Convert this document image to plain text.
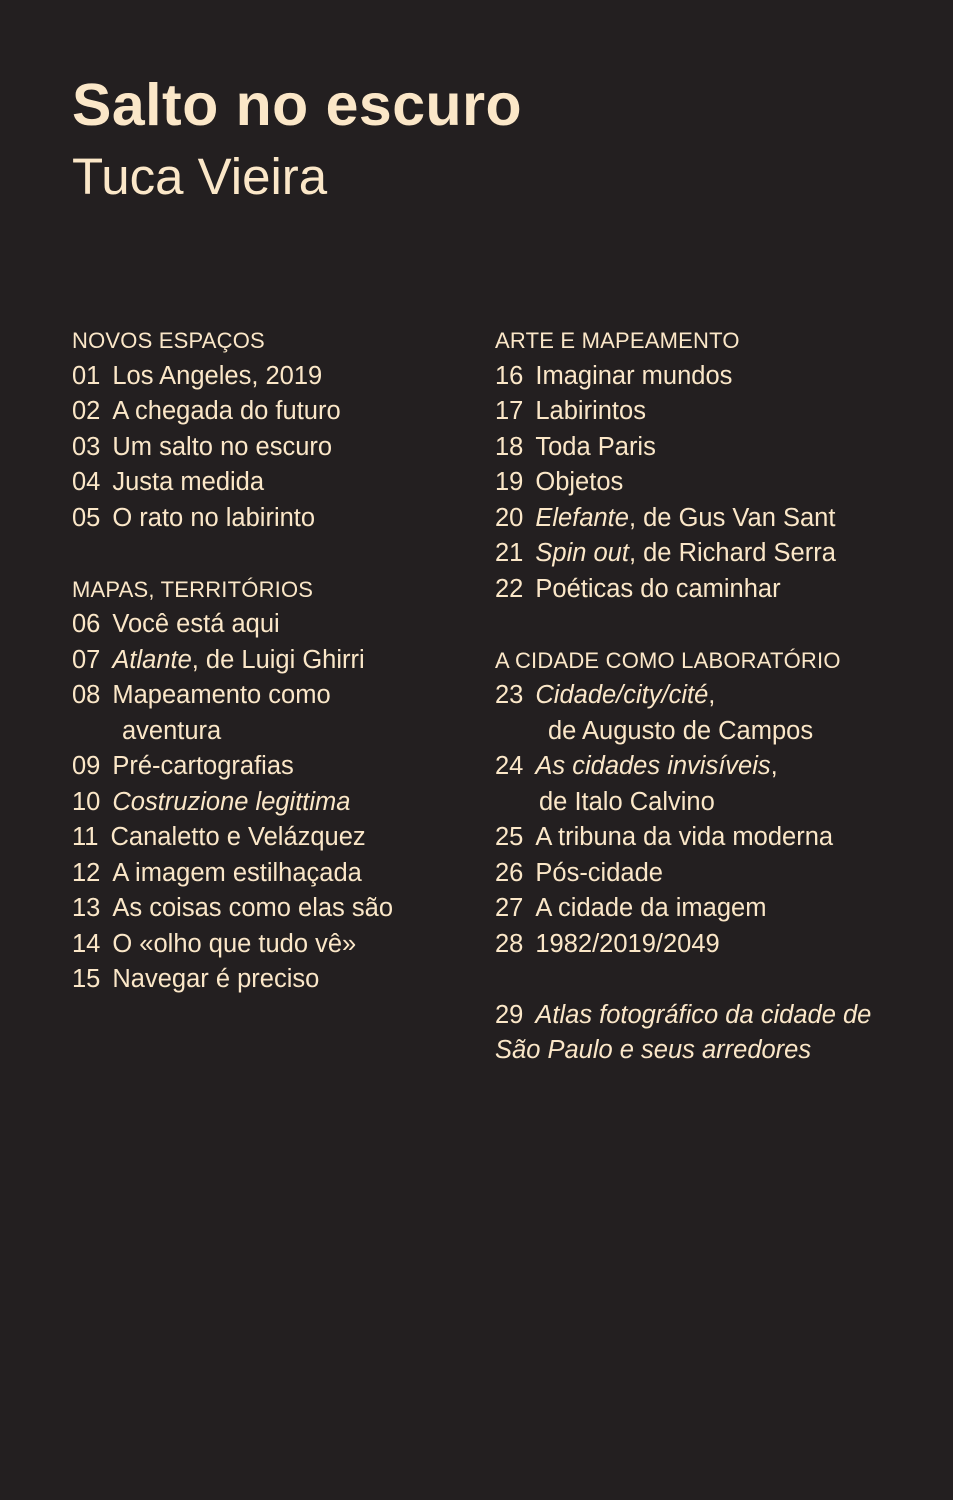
Salto no escuro
Tuca Vieira
NOVOS ESPAÇOS
01 Los Angeles, 2019
02 A chegada do futuro
03 Um salto no escuro
04 Justa medida
05 O rato no labirinto
MAPAS, TERRITÓRIOS
06 Você está aqui
07 Atlante, de Luigi Ghirri
08 Mapeamento como
aventura
09 Pré-cartografias
10 Costruzione legittima
11 Canaletto e Velázquez
12 A imagem estilhaçada
13 As coisas como elas são
14 O «olho que tudo vê»
15 Navegar é preciso
ARTE E MAPEAMENTO
16 Imaginar mundos
17 Labirintos
18 Toda Paris
19 Objetos
20 Elefante, de Gus Van Sant
21 Spin out, de Richard Serra
22 Poéticas do caminhar
A CIDADE COMO LABORATÓRIO
23 Cidade/city/cité,
de Augusto de Campos
24 As cidades invisíveis,
de Italo Calvino
25 A tribuna da vida moderna
26 Pós-cidade
27 A cidade da imagem
28 1982/2019/2049
29 Atlas fotográfico da cidade de São Paulo e seus arredores
